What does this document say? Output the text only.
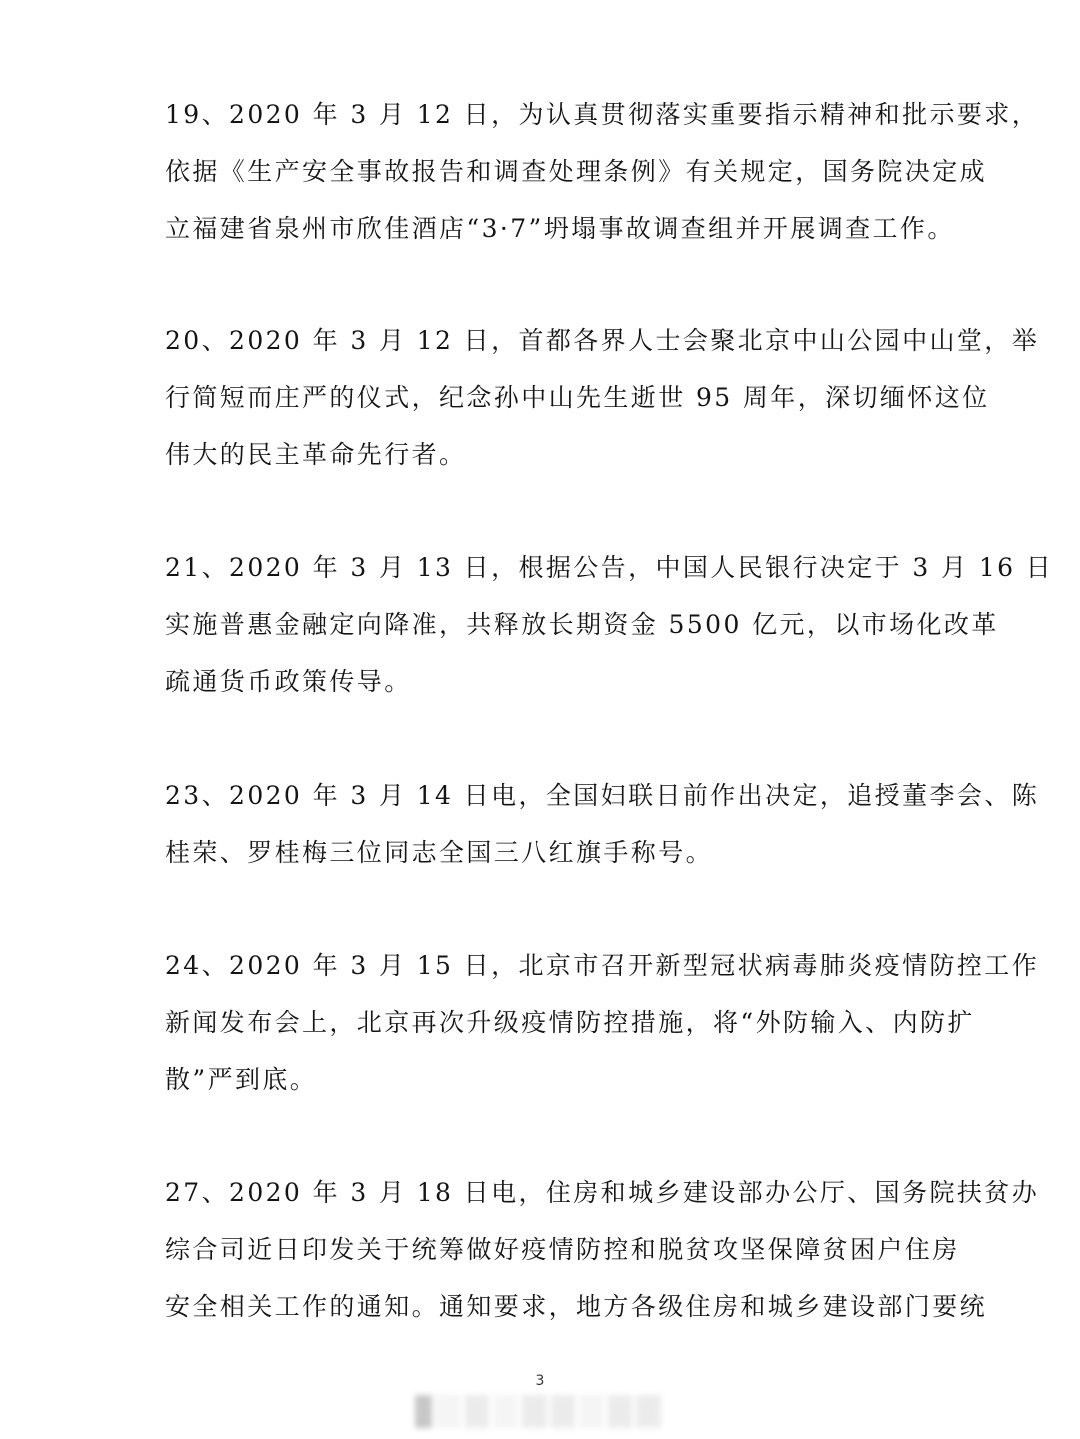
19、2020 年 3 月 12 日，为认真贯彻落实重要指示精神和批示要求，
依据《生产安全事故报告和调查处理条例》有关规定，国务院决定成
立福建省泉州市欣佳酒店“3·7”坍塌事故调查组并开展调查工作。
20、2020 年 3 月 12 日，首都各界人士会聚北京中山公园中山堂，举
行简短而庄严的仪式，纪念孙中山先生逝世 95 周年，深切缅怀这位
伟大的民主革命先行者。
21、2020 年 3 月 13 日，根据公告，中国人民银行决定于 3 月 16 日
实施普惠金融定向降准，共释放长期资金 5500 亿元，以市场化改革
疏通货币政策传导。
23、2020 年 3 月 14 日电，全国妇联日前作出决定，追授董李会、陈
桂荣、罗桂梅三位同志全国三八红旗手称号。
24、2020 年 3 月 15 日，北京市召开新型冠状病毒肺炎疫情防控工作
新闻发布会上，北京再次升级疫情防控措施，将“外防输入、内防扩
散”严到底。
27、2020 年 3 月 18 日电，住房和城乡建设部办公厅、国务院扶贫办
综合司近日印发关于统筹做好疫情防控和脱贫攻坚保障贫困户住房
安全相关工作的通知。通知要求，地方各级住房和城乡建设部门要统
3
